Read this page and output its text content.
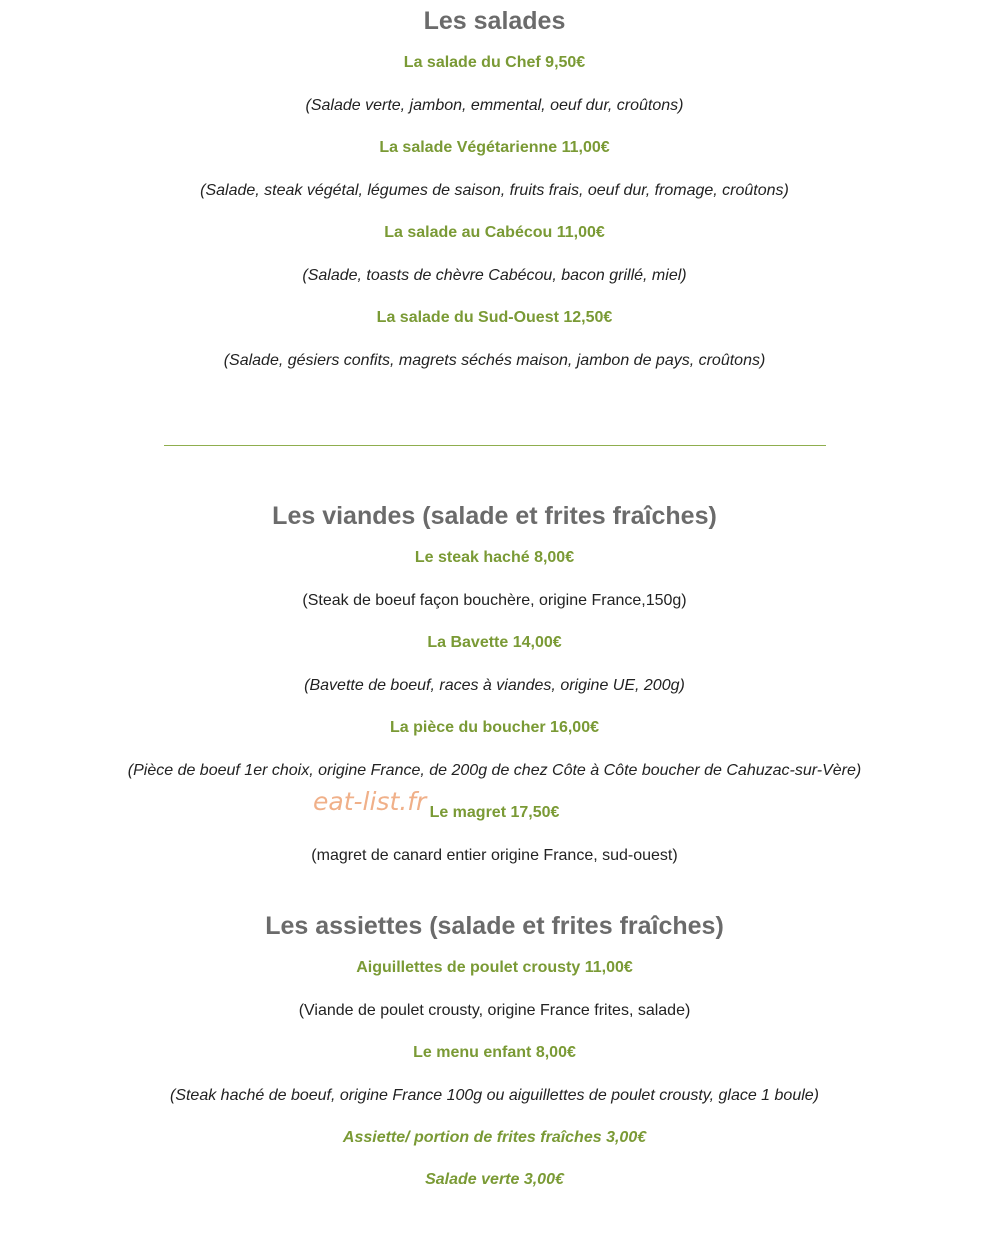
Les salades
La salade du Chef 9,50€
(Salade verte, jambon, emmental, oeuf dur, croûtons)
La salade Végétarienne 11,00€
(Salade, steak végétal, légumes de saison, fruits frais, oeuf dur, fromage, croûtons)
La salade au Cabécou 11,00€
(Salade, toasts de chèvre Cabécou, bacon grillé, miel)
La salade du Sud-Ouest 12,50€
(Salade, gésiers confits, magrets séchés maison, jambon de pays, croûtons)
Les viandes (salade et frites fraîches)
Le steak haché 8,00€
(Steak de boeuf façon bouchère, origine France,150g)
La Bavette 14,00€
(Bavette de boeuf, races à viandes, origine UE, 200g)
La pièce du boucher 16,00€
(Pièce de boeuf 1er choix, origine France, de 200g de chez Côte à Côte boucher de Cahuzac-sur-Vère)
Le magret 17,50€
(magret de canard entier origine France, sud-ouest)
eat-list.fr
Les assiettes (salade et frites fraîches)
Aiguillettes de poulet crousty 11,00€
(Viande de poulet crousty, origine France frites, salade)
Le menu enfant 8,00€
(Steak haché de boeuf, origine France 100g ou aiguillettes de poulet crousty, glace 1 boule)
Assiette/ portion de frites fraîches 3,00€
Salade verte 3,00€
